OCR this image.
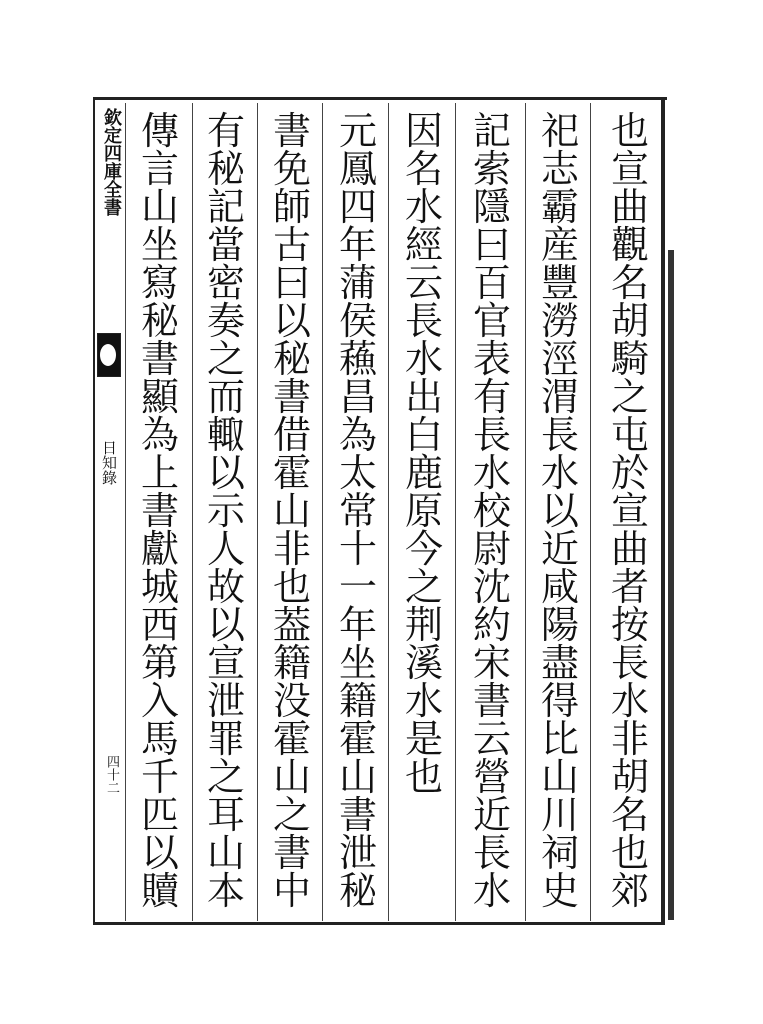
欽定四庫全書
日知錄
四十二
也
宣
曲
觀
名
胡
騎
之
屯
於
宣
曲
者
按
長
水
非
胡
名
也
郊

祀
志
霸
産
豐
澇
涇
渭
長
水
以
近
咸
陽
盡
得
比
山
川
祠
史

記
索
隱
曰
百
官
表
有
長
水
校
尉
沈
約
宋
書
云
營
近
長
水

因
名
水
經
云
長
水
出
白
鹿
原
今
之
荆
溪
水
是
也

元
鳳
四
年
蒲
侯
蘓
昌
為
太
常
十
一
年
坐
籍
霍
山
書
泄
秘

書
免
師
古
曰
以
秘
書
借
霍
山
非
也
葢
籍
没
霍
山
之
書
中

有
秘
記
當
密
奏
之
而
輙
以
示
人
故
以
宣
泄
罪
之
耳
山
本

傳
言
山
坐
寫
秘
書
顯
為
上
書
獻
城
西
第
入
馬
千
匹
以
贖
